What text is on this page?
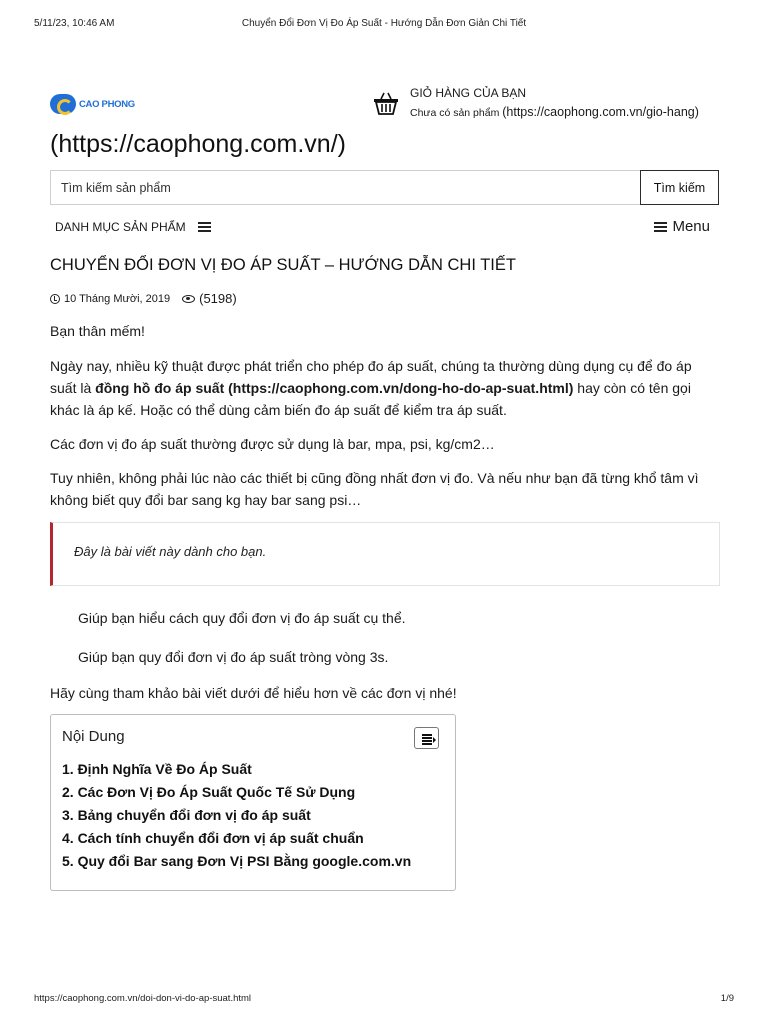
5/11/23, 10:46 AM	Chuyển Đổi Đơn Vị Đo Áp Suất - Hướng Dẫn Đơn Giản Chi Tiết
CAO PHONG
GIỎ HÀNG CỦA BẠN
Chưa có sản phẩm (https://caophong.com.vn/gio-hang)
(https://caophong.com.vn/)
Tìm kiếm sản phẩm
Tìm kiếm
DANH MỤC SẢN PHẨM	Menu
CHUYỂN ĐỔI ĐƠN VỊ ĐO ÁP SUẤT – HƯỚNG DẪN CHI TIẾT
10 Tháng Mười, 2019 (5198)

Bạn thân mếm!

Ngày nay, nhiều kỹ thuật được phát triển cho phép đo áp suất, chúng ta thường dùng dụng cụ để đo áp suất là đồng hồ đo áp suất (https://caophong.com.vn/dong-ho-do-ap-suat.html) hay còn có tên gọi khác là áp kế. Hoặc có thể dùng cảm biến đo áp suất để kiểm tra áp suất.

Các đơn vị đo áp suất thường được sử dụng là bar, mpa, psi, kg/cm2…

Tuy nhiên, không phải lúc nào các thiết bị cũng đồng nhất đơn vị đo. Và nếu như bạn đã từng khổ tâm vì không biết quy đổi bar sang kg hay bar sang psi…

Đây là bài viết này dành cho bạn.

Giúp bạn hiểu cách quy đổi đơn vị đo áp suất cụ thể.

Giúp bạn quy đổi đơn vị đo áp suất tròng vòng 3s.

Hãy cùng tham khảo bài viết dưới để hiểu hơn về các đơn vị nhé!

Nội Dung
1. Định Nghĩa Về Đo Áp Suất
2. Các Đơn Vị Đo Áp Suất Quốc Tế Sử Dụng
3. Bảng chuyển đổi đơn vị đo áp suất
4. Cách tính chuyển đổi đơn vị áp suất chuẩn
5. Quy đổi Bar sang Đơn Vị PSI Bằng google.com.vn
https://caophong.com.vn/doi-don-vi-do-ap-suat.html	1/9
